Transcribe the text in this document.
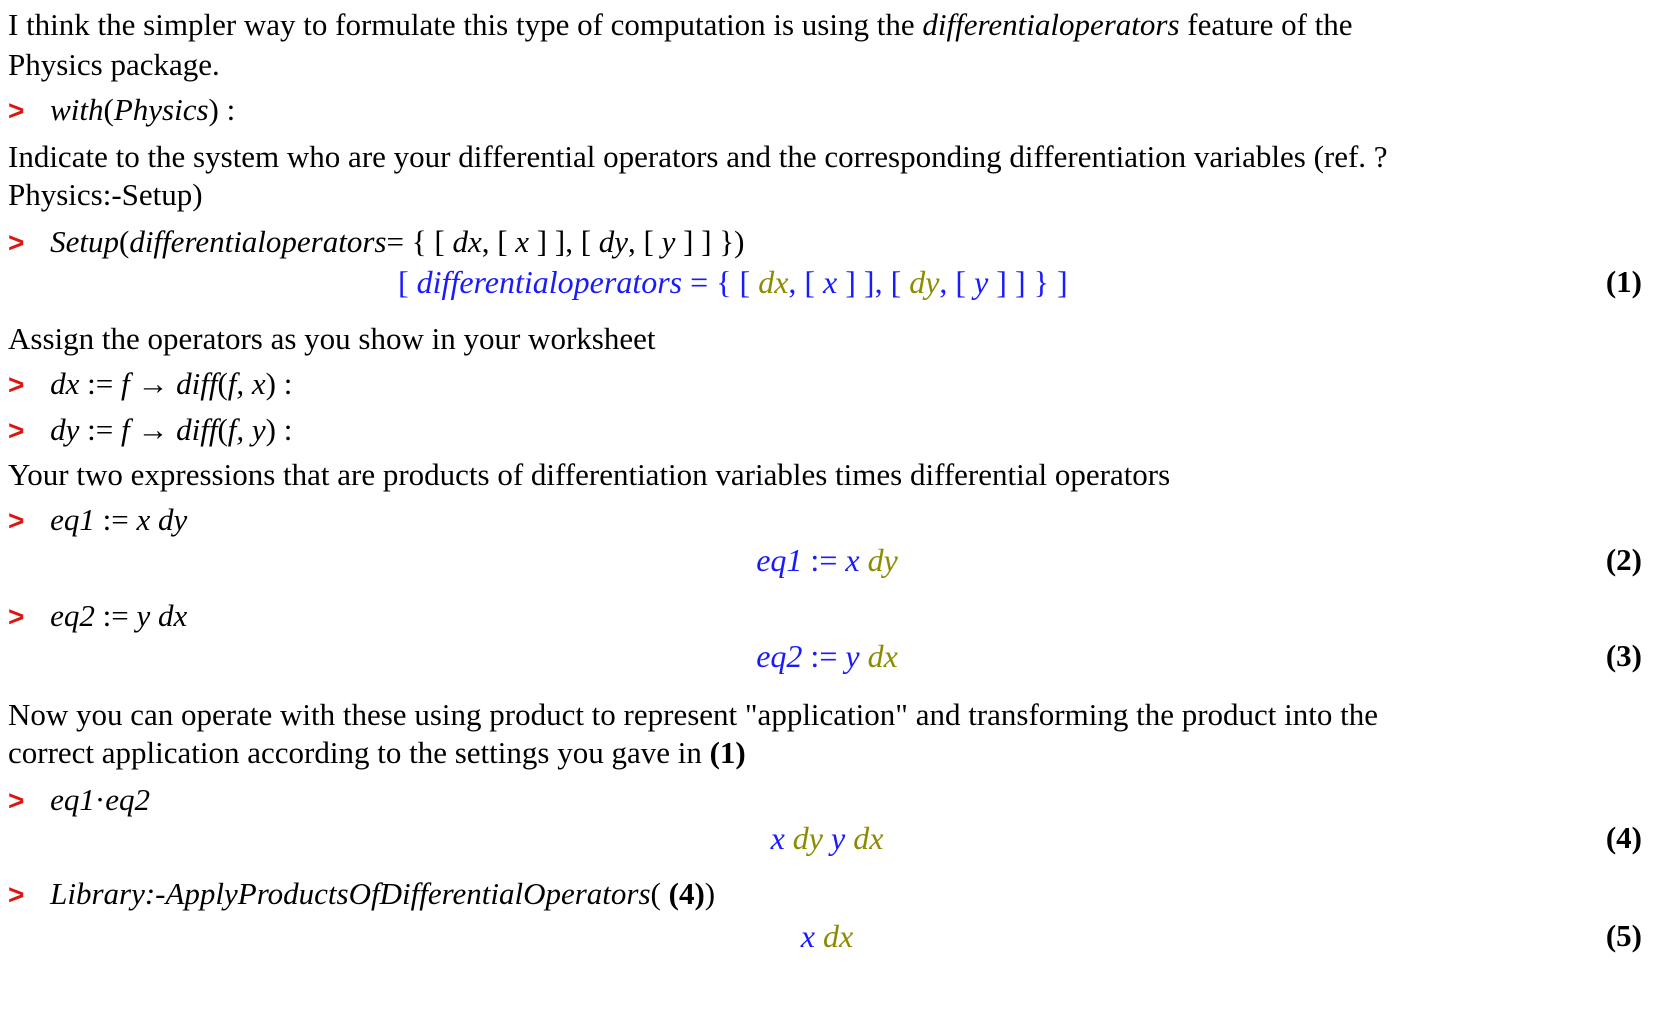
I think the simpler way to formulate this type of computation is using the differentialoperators feature of the
Physics package.
> with(Physics) :
Indicate to the system who are your differential operators and the corresponding differentiation variables (ref. ?
Physics:-Setup)
> Setup(differentialoperators= { [ dx, [ x ] ], [ dy, [ y ] ] })
[ differentialoperators = { [ dx, [ x ] ], [ dy, [ y ] ] } ]	(1)
Assign the operators as you show in your worksheet
> dx := f → diff(f, x) :
> dy := f → diff(f, y) :
Your two expressions that are products of differentiation variables times differential operators
> eq1 := x dy
eq1 := x dy	(2)
> eq2 := y dx
eq2 := y dx	(3)
Now you can operate with these using product to represent "application" and transforming the product into the
correct application according to the settings you gave in (1)
> eq1·eq2
x dy y dx	(4)
> Library:-ApplyProductsOfDifferentialOperators( (4))
x dx	(5)
